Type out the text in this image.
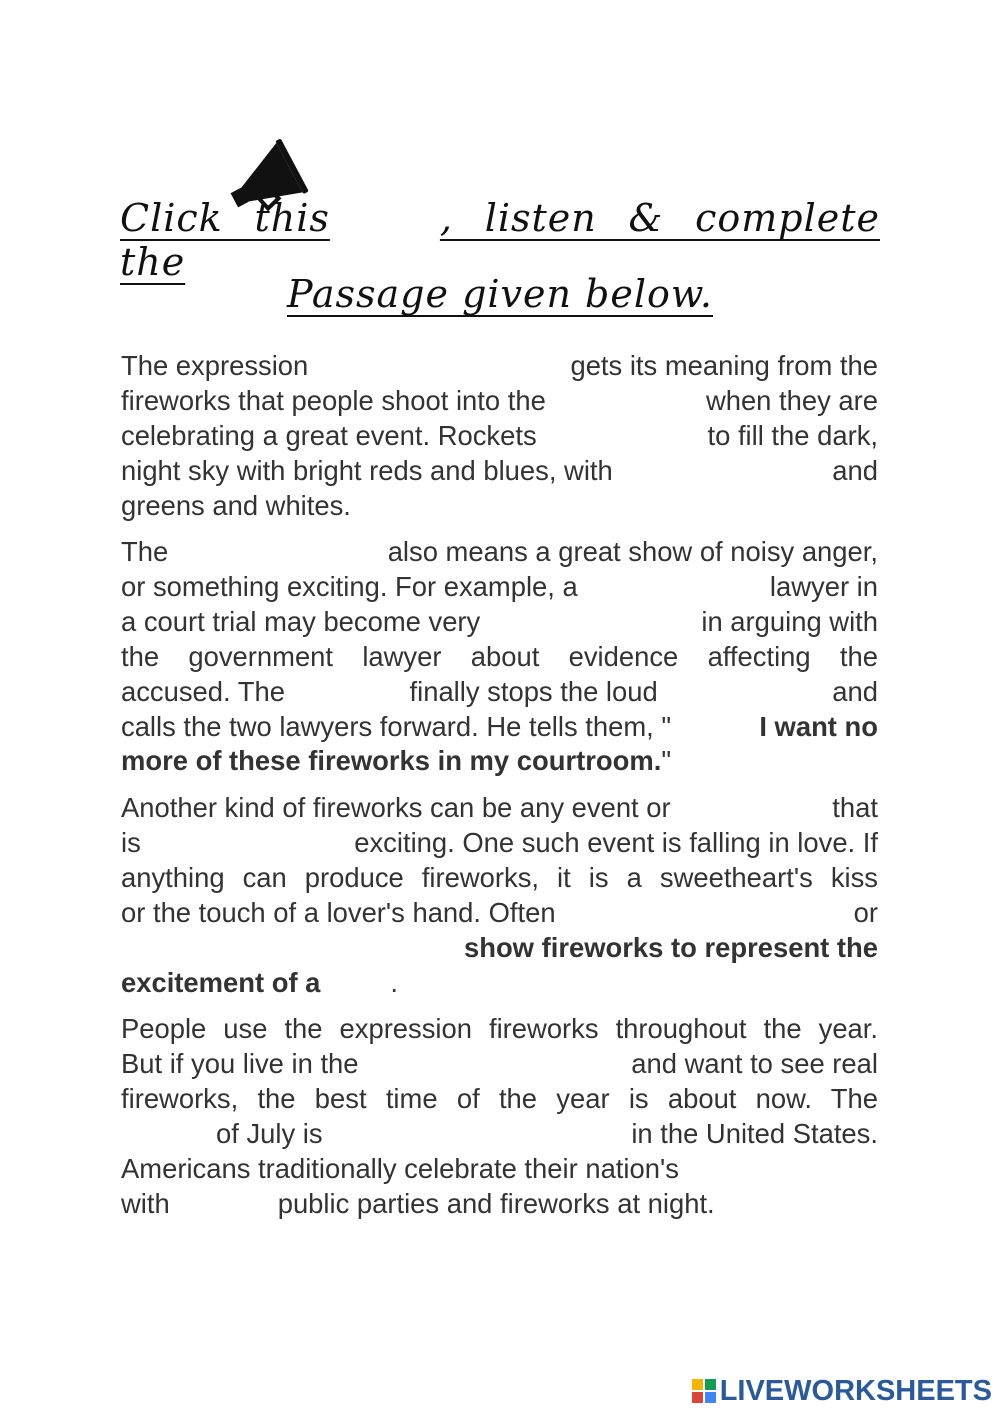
Click this	, listen & complete the
Passage given below.
The expression	gets its meaning from the
fireworks that people shoot into the	when they are
celebrating a great event. Rockets	to fill the dark,
night sky with bright reds and blues, with	and
greens and whites.
The	also means a great show of noisy anger,
or something exciting. For example, a	lawyer in
a court trial may become very	in arguing with
the government lawyer about evidence affecting the
accused. The	finally stops the loud	and
calls the two lawyers forward. He tells them, "	I want no
more of these fireworks in my courtroom."
Another kind of fireworks can be any event or	that
is	exciting. One such event is falling in love. If
anything can produce fireworks, it is a sweetheart's kiss
or the touch of a lover's hand. Often	or
show fireworks to represent the
excitement of a	.
People use the expression fireworks throughout the year.
But if you live in the	and want to see real
fireworks, the best time of the year is about now. The
of July is	in the United States.
Americans traditionally celebrate their nation's
with	public parties and fireworks at night.
LIVEWORKSHEETS
